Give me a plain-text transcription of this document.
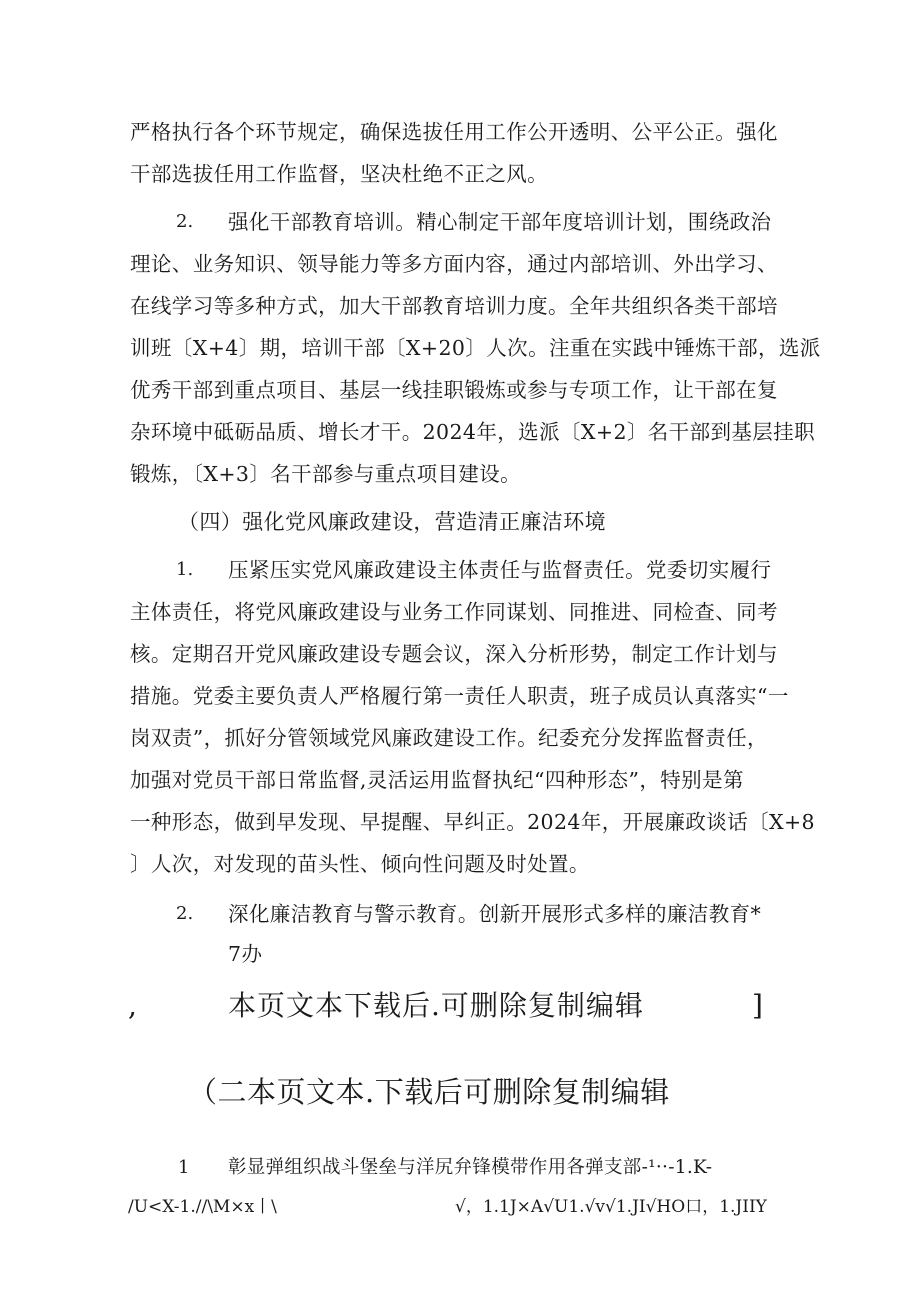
严格执行各个环节规定，确保选拔任用工作公开透明、公平公正。强化
干部选拔任用工作监督，坚决杜绝不正之风。
2. 强化干部教育培训。精心制定干部年度培训计划，围绕政治
理论、业务知识、领导能力等多方面内容，通过内部培训、外出学习、
在线学习等多种方式，加大干部教育培训力度。全年共组织各类干部培
训班〔X+4〕期，培训干部〔X+20〕人次。注重在实践中锤炼干部，选派
优秀干部到重点项目、基层一线挂职锻炼或参与专项工作，让干部在复
杂环境中砥砺品质、增长才干。2024年，选派〔X+2〕名干部到基层挂职
锻炼，〔X+3〕名干部参与重点项目建设。
（四）强化党风廉政建设，营造清正廉洁环境
1. 压紧压实党风廉政建设主体责任与监督责任。党委切实履行
主体责任，将党风廉政建设与业务工作同谋划、同推进、同检查、同考
核。定期召开党风廉政建设专题会议，深入分析形势，制定工作计划与
措施。党委主要负责人严格履行第一责任人职责，班子成员认真落实“一
岗双责”，抓好分管领域党风廉政建设工作。纪委充分发挥监督责任，
加强对党员干部日常监督,灵活运用监督执纪“四种形态”，特别是第
一种形态，做到早发现、早提醒、早纠正。2024年，开展廉政谈话〔X+8
〕人次，对发现的苗头性、倾向性问题及时处置。
2. 深化廉洁教育与警示教育。创新开展形式多样的廉洁教育*
7办
,	本页文本下载后.可删除复制编辑	]
（二本页文本.下载后可删除复制编辑
1 彰显弹组织战斗堡垒与洋尻弁锋模带作用各弹支部-¹··-1.K-
/U<X-1.//\M×x丨\	√，1.1J×A√U1.√v√1.JI√HO口，1.JIIY
